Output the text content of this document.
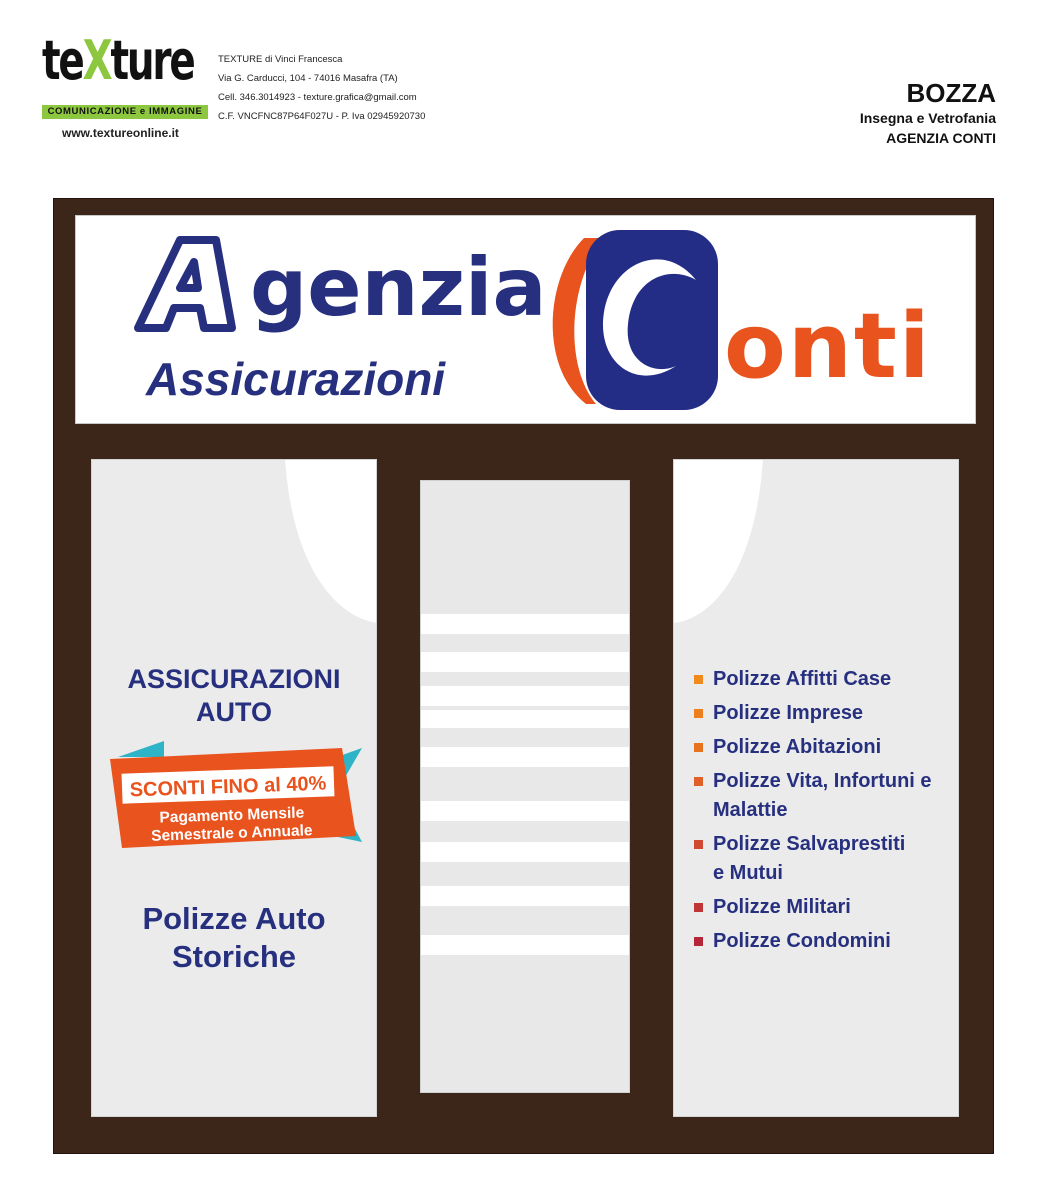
teXture
COMUNICAZIONE e IMMAGINE
www.textureonline.it
TEXTURE di Vinci Francesca
Via G. Carducci, 104 - 74016 Masafra (TA)
Cell. 346.3014923 - texture.grafica@gmail.com
C.F. VNCFNC87P64F027U - P. Iva 02945920730
BOZZA
Insegna e Vetrofania
AGENZIA CONTI
genzia
Assicurazioni	onti
ASSICURAZIONI
AUTO
SCONTI FINO al 40%
Pagamento Mensile
Semestrale o Annuale
Polizze Auto
Storiche
Polizze Affitti Case
Polizze Imprese
Polizze Abitazioni
Polizze Vita, Infortuni e
Malattie
Polizze Salvaprestiti
e Mutui
Polizze Militari
Polizze Condomini
